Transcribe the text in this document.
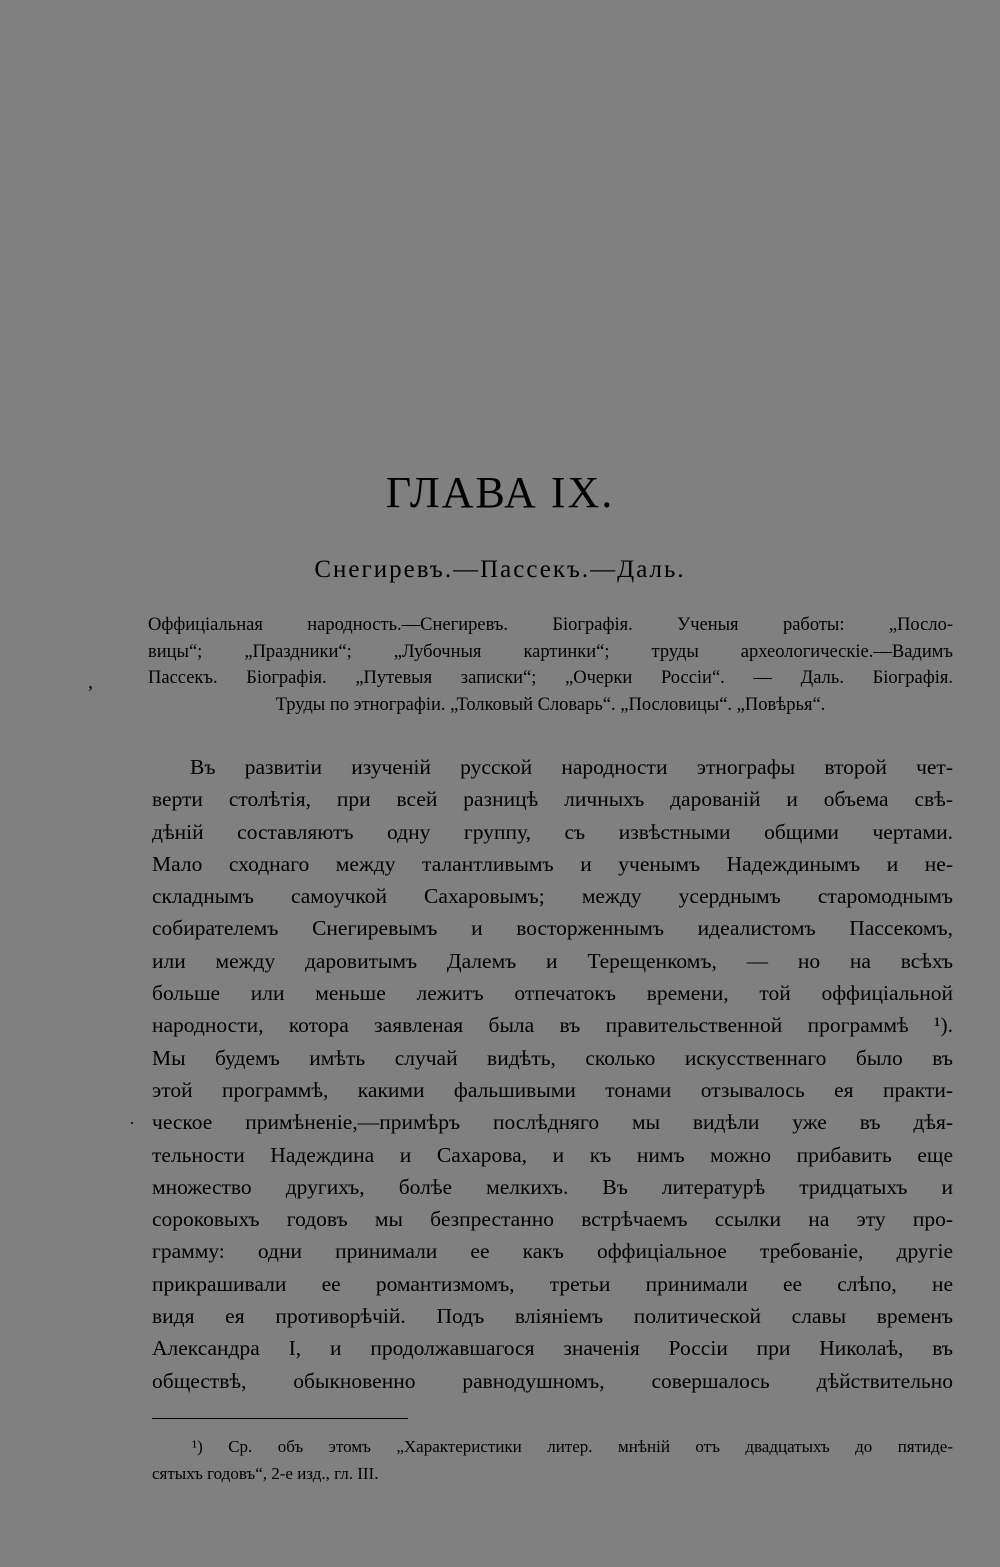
ГЛАВА IX.
Снегиревъ.—Пассекъ.—Даль.
,
Оффиціальная народность.—Снегиревъ. Біографія. Ученыя работы: „Посло-
вицы“; „Праздники“; „Лубочныя картинки“; труды археологическіе.—Вадимъ
Пассекъ. Біографія. „Путевыя записки“; „Очерки Россіи“. — Даль. Біографія.
Труды по этнографіи. „Толковый Словарь“. „Пословицы“. „Повѣрья“.
Въ развитіи изученій русской народности этнографы второй чет-
верти столѣтія, при всей разницѣ личныхъ дарованій и объема свѣ-
дѣній составляютъ одну группу, съ извѣстными общими чертами.
Мало сходнаго между талантливымъ и ученымъ Надеждинымъ и не-
складнымъ самоучкой Сахаровымъ; между усерднымъ старомоднымъ
собирателемъ Снегиревымъ и восторженнымъ идеалистомъ Пассекомъ,
или между даровитымъ Далемъ и Терещенкомъ, — но на всѣхъ
больше или меньше лежитъ отпечатокъ времени, той оффиціальной
народности, котора заявленая была въ правительственной программѣ ¹).
Мы будемъ имѣть случай видѣть, сколько искусственнаго было въ
этой программѣ, какими фальшивыми тонами отзывалось ея практи-
ческое примѣненіе,—примѣръ послѣдняго мы видѣли уже въ дѣя-
тельности Надеждина и Сахарова, и къ нимъ можно прибавить еще
множество другихъ, болѣе мелкихъ. Въ литературѣ тридцатыхъ и
сороковыхъ годовъ мы безпрестанно встрѣчаемъ ссылки на эту про-
грамму: одни принимали ее какъ оффиціальное требованіе, другіе
прикрашивали ее романтизмомъ, третьи принимали ее слѣпо, не
видя ея противорѣчій. Подъ вліяніемъ политической славы временъ
Александра I, и продолжавшагося значенія Россіи при Николаѣ, въ
обществѣ, обыкновенно равнодушномъ, совершалось дѣйствительно
¹) Ср. объ этомъ „Характеристики литер. мнѣній отъ двадцатыхъ до пятиде-
сятыхъ годовъ“, 2-е изд., гл. III.
